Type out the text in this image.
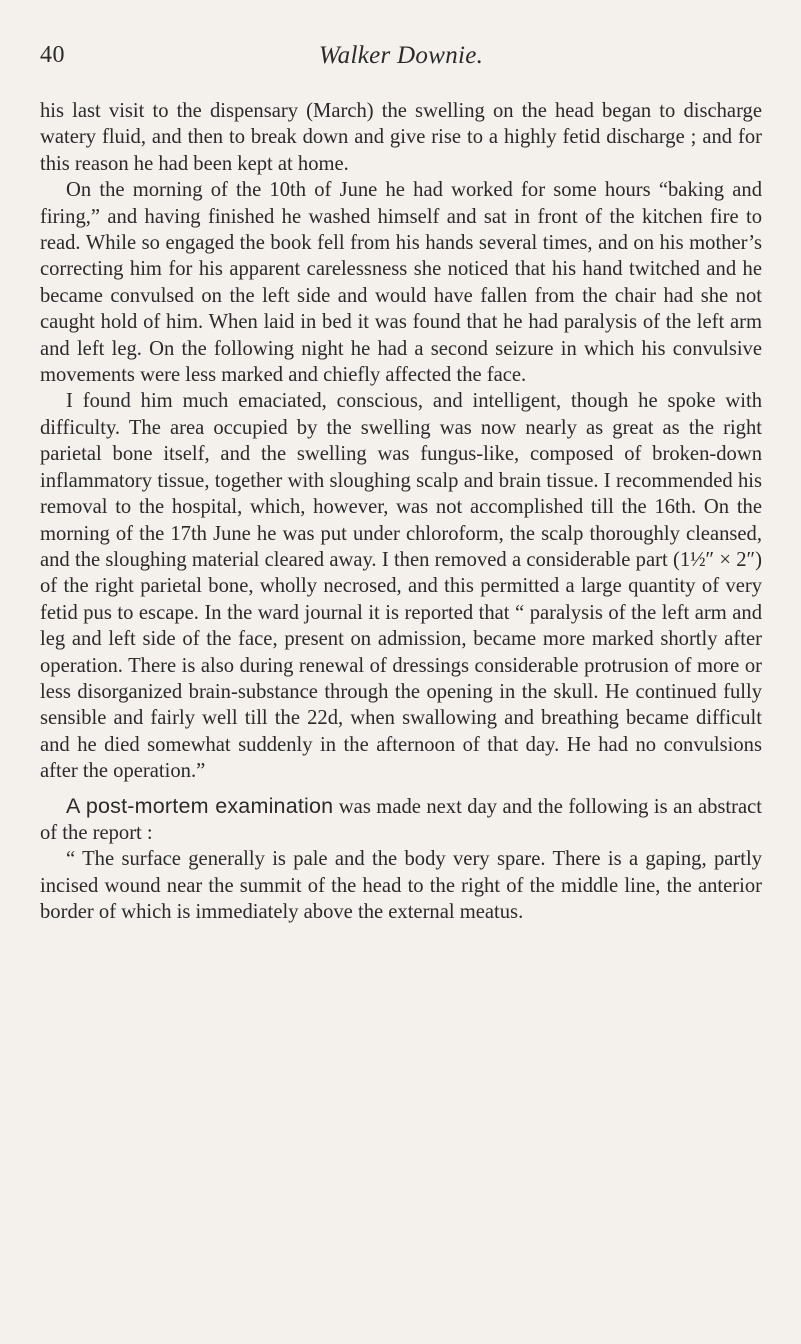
40	Walker Downie.

his last visit to the dispensary (March) the swelling on the head began to discharge watery fluid, and then to break down and give rise to a highly fetid discharge ; and for this reason he had been kept at home.

On the morning of the 10th of June he had worked for some hours “baking and firing,” and having finished he washed himself and sat in front of the kitchen fire to read. While so engaged the book fell from his hands several times, and on his mother’s correcting him for his apparent carelessness she noticed that his hand twitched and he became convulsed on the left side and would have fallen from the chair had she not caught hold of him. When laid in bed it was found that he had paralysis of the left arm and left leg. On the following night he had a second seizure in which his convulsive movements were less marked and chiefly affected the face.

I found him much emaciated, conscious, and intelligent, though he spoke with difficulty. The area occupied by the swelling was now nearly as great as the right parietal bone itself, and the swelling was fungus-like, composed of broken-down inflammatory tissue, together with sloughing scalp and brain tissue. I recommended his removal to the hospital, which, however, was not accomplished till the 16th. On the morning of the 17th June he was put under chloroform, the scalp thoroughly cleansed, and the sloughing material cleared away. I then removed a considerable part (1½″ × 2″) of the right parietal bone, wholly necrosed, and this permitted a large quantity of very fetid pus to escape. In the ward journal it is reported that “ paralysis of the left arm and leg and left side of the face, present on admission, became more marked shortly after operation. There is also during renewal of dressings considerable protrusion of more or less disorganized brain-substance through the opening in the skull. He continued fully sensible and fairly well till the 22d, when swallowing and breathing became difficult and he died somewhat suddenly in the afternoon of that day. He had no convulsions after the operation.”

A post-mortem examination was made next day and the following is an abstract of the report :

“ The surface generally is pale and the body very spare. There is a gaping, partly incised wound near the summit of the head to the right of the middle line, the anterior border of which is immediately above the external meatus.
